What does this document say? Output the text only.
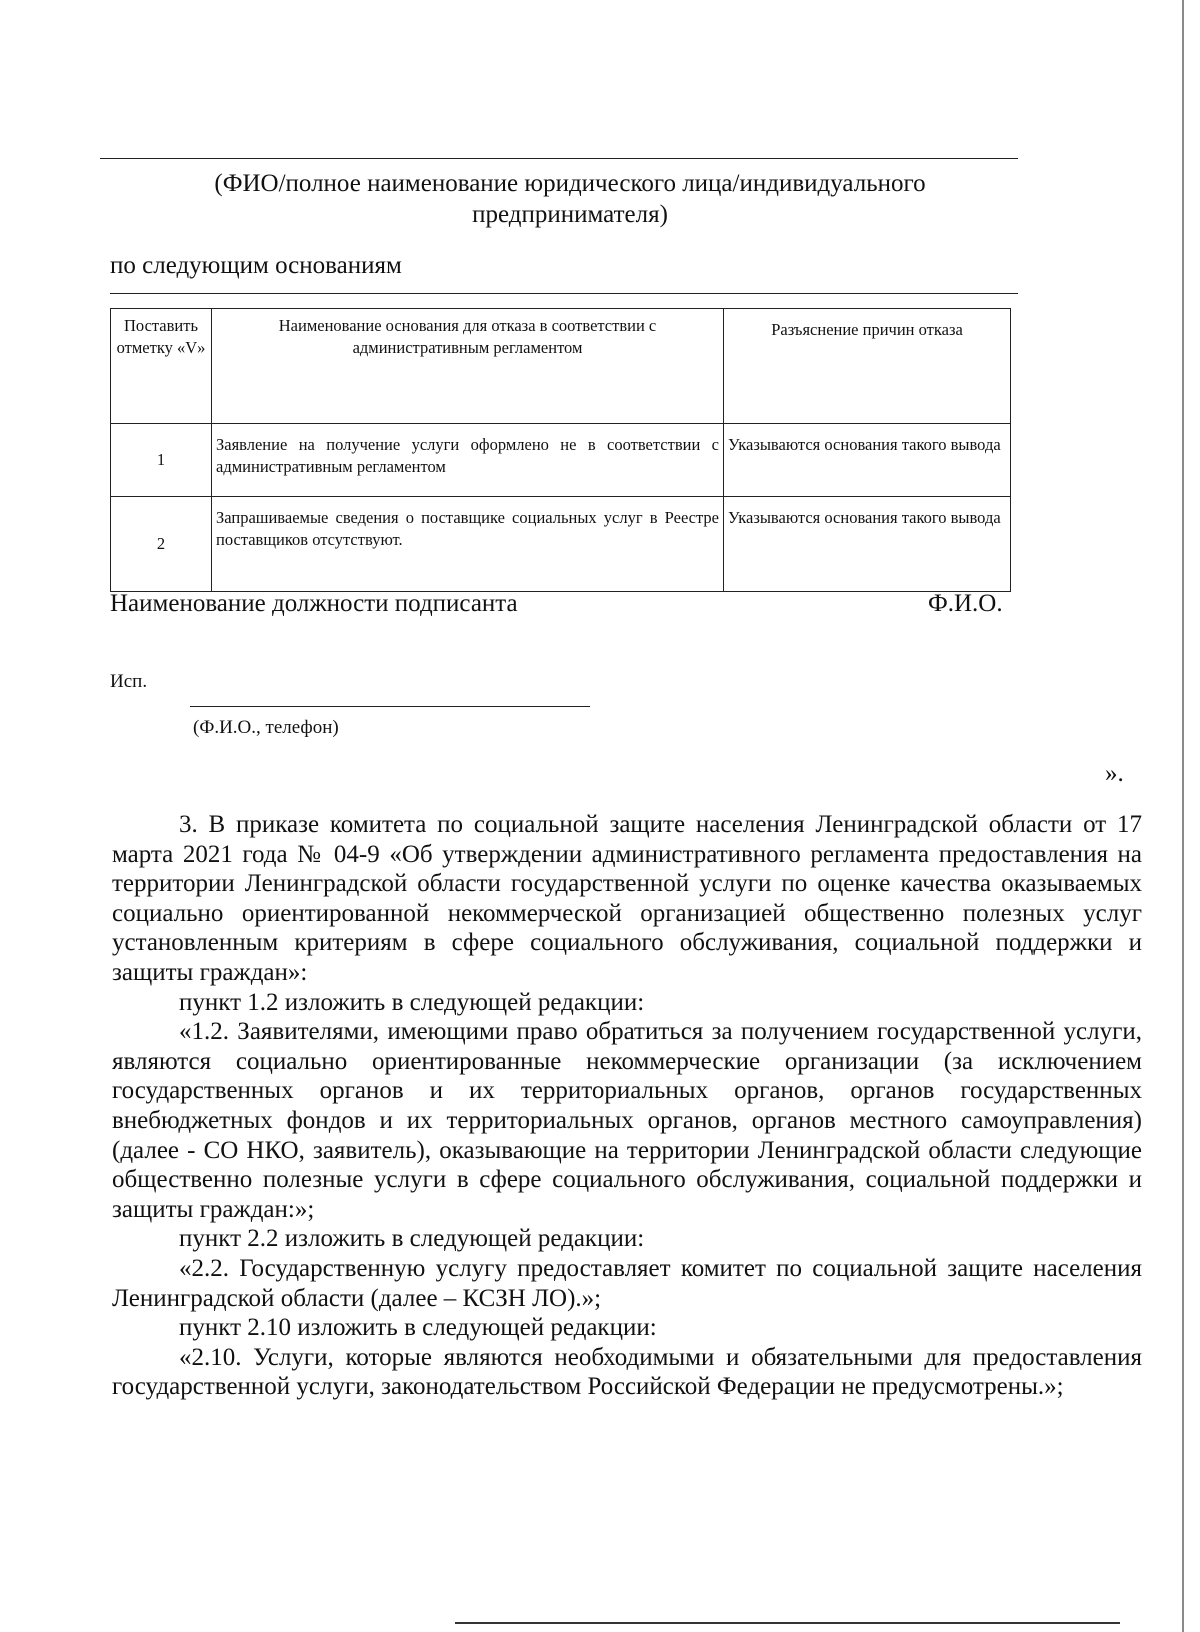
(ФИО/полное наименование юридического лица/индивидуального
предпринимателя)
по следующим основаниям
Поставить отметку «V»	Наименование основания для отказа в соответствии с административным регламентом	Разъяснение причин отказа
1	Заявление на получение услуги оформлено не в соответствии с административным регламентом	Указываются основания такого вывода
2	Запрашиваемые сведения о поставщике социальных услуг в Реестре поставщиков отсутствуют.	Указываются основания такого вывода
Наименование должности подписанта	Ф.И.О.
Исп.
(Ф.И.О., телефон)
».

3. В приказе комитета по социальной защите населения Ленинградской области от 17 марта 2021 года № 04-9 «Об утверждении административного регламента предоставления на территории Ленинградской области государственной услуги по оценке качества оказываемых социально ориентированной некоммерческой организацией общественно полезных услуг установленным критериям в сфере социального обслуживания, социальной поддержки и защиты граждан»:

пункт 1.2 изложить в следующей редакции:

«1.2. Заявителями, имеющими право обратиться за получением государственной услуги, являются социально ориентированные некоммерческие организации (за исключением государственных органов и их территориальных органов, органов государственных внебюджетных фондов и их территориальных органов, органов местного самоуправления) (далее - СО НКО, заявитель), оказывающие на территории Ленинградской области следующие общественно полезные услуги в сфере социального обслуживания, социальной поддержки и защиты граждан:»;

пункт 2.2 изложить в следующей редакции:

«2.2. Государственную услугу предоставляет комитет по социальной защите населения Ленинградской области (далее – КСЗН ЛО).»;

пункт 2.10 изложить в следующей редакции:

«2.10. Услуги, которые являются необходимыми и обязательными для предоставления государственной услуги, законодательством Российской Федерации не предусмотрены.»;
